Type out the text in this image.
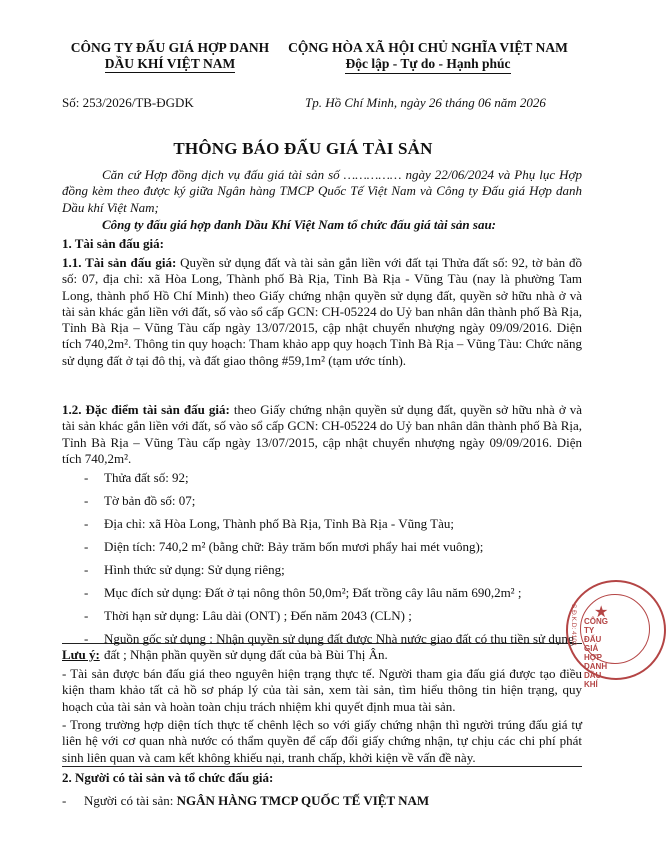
CÔNG TY ĐẤU GIÁ HỢP DANH
DẦU KHÍ VIỆT NAM
CỘNG HÒA XÃ HỘI CHỦ NGHĨA VIỆT NAM
Độc lập - Tự do - Hạnh phúc
Số: 253/2026/TB-ĐGDK	Tp. Hồ Chí Minh, ngày 26 tháng 06 năm 2026
THÔNG BÁO ĐẤU GIÁ TÀI SẢN
Căn cứ Hợp đồng dịch vụ đấu giá tài sản số …………… ngày 22/06/2024 và Phụ lục Hợp đồng kèm theo được ký giữa Ngân hàng TMCP Quốc Tế Việt Nam và Công ty Đấu giá Hợp danh Dầu khí Việt Nam;
Công ty đấu giá hợp danh Dầu Khí Việt Nam tổ chức đấu giá tài sản sau:
1. Tài sản đấu giá:
1.1. Tài sản đấu giá: Quyền sử dụng đất và tài sản gắn liền với đất tại Thửa đất số: 92, tờ bản đồ số: 07, địa chỉ: xã Hòa Long, Thành phố Bà Rịa, Tỉnh Bà Rịa - Vũng Tàu (nay là phường Tam Long, thành phố Hồ Chí Minh) theo Giấy chứng nhận quyền sử dụng đất, quyền sở hữu nhà ở và tài sản khác gắn liền với đất, số vào sổ cấp GCN: CH-05224 do Uỷ ban nhân dân thành phố Bà Rịa, Tỉnh Bà Rịa – Vũng Tàu cấp ngày 13/07/2015, cập nhật chuyển nhượng ngày 09/09/2016. Diện tích 740,2m². Thông tin quy hoạch: Tham khảo app quy hoạch Tỉnh Bà Rịa – Vũng Tàu: Chức năng sử dụng đất ở tại đô thị, và đất giao thông #59,1m² (tạm ước tính).
1.2. Đặc điểm tài sản đấu giá: theo Giấy chứng nhận quyền sử dụng đất, quyền sở hữu nhà ở và tài sản khác gắn liền với đất, số vào sổ cấp GCN: CH-05224 do Uỷ ban nhân dân thành phố Bà Rịa, Tỉnh Bà Rịa – Vũng Tàu cấp ngày 13/07/2015, cập nhật chuyển nhượng ngày 09/09/2016. Diện tích 740,2m².
- Thửa đất số: 92;
- Tờ bản đồ số: 07;
- Địa chỉ: xã Hòa Long, Thành phố Bà Rịa, Tỉnh Bà Rịa - Vũng Tàu;
- Diện tích: 740,2 m² (bằng chữ: Bảy trăm bốn mươi phẩy hai mét vuông);
- Hình thức sử dụng: Sử dụng riêng;
- Mục đích sử dụng: Đất ở tại nông thôn 50,0m²; Đất trồng cây lâu năm 690,2m² ;
- Thời hạn sử dụng: Lâu dài (ONT) ; Đến năm 2043 (CLN) ;
- Nguồn gốc sử dụng : Nhận quyền sử dụng đất được Nhà nước giao đất có thu tiền sử dụng đất ; Nhận phần quyền sử dụng đất của bà Bùi Thị Ân.
Lưu ý:
- Tài sản được bán đấu giá theo nguyên hiện trạng thực tế. Người tham gia đấu giá được tạo điều kiện tham khảo tất cả hồ sơ pháp lý của tài sản, xem tài sản, tìm hiểu thông tin hiện trạng, quy hoạch của tài sản và hoàn toàn chịu trách nhiệm khi quyết định mua tài sản.
- Trong trường hợp diện tích thực tế chênh lệch so với giấy chứng nhận thì người trúng đấu giá tự liên hệ với cơ quan nhà nước có thẩm quyền để cấp đổi giấy chứng nhận, tự chịu các chi phí phát sinh liên quan và cam kết không khiếu nại, tranh chấp, khởi kiện về vấn đề này.
2. Người có tài sản và tổ chức đấu giá:
- Người có tài sản: NGÂN HÀNG TMCP QUỐC TẾ VIỆT NAM
★
CÔNG TY ĐẤU GIÁ HỢP DANH DẦU KHÍ
S.Đ.K.D: 4102
